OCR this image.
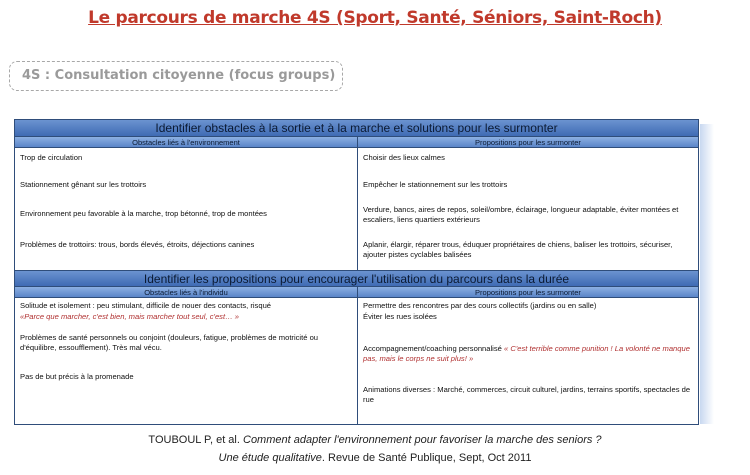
Le parcours de marche 4S (Sport, Santé, Séniors, Saint-Roch)
4S : Consultation citoyenne (focus groups)
Identifier obstacles à la sortie et à la marche et solutions pour les surmonter
Obstacles liés à l'environnement	Propositions pour les surmonter
Trop de circulation
Stationnement gênant sur les trottoirs
Environnement peu favorable à la marche, trop bétonné, trop de montées
Problèmes de trottoirs: trous, bords élevés, étroits, déjections canines
Choisir des lieux calmes
Empêcher le stationnement sur les trottoirs
Verdure, bancs, aires de repos, soleil/ombre, éclairage, longueur adaptable, éviter montées et escaliers, liens quartiers extérieurs
Aplanir, élargir, réparer trous, éduquer propriétaires de chiens, baliser les trottoirs, sécuriser, ajouter pistes cyclables balisées
Identifier les propositions pour encourager l'utilisation du parcours dans la durée
Obstacles liés à l'individu	Propositions pour les surmonter
Solitude et isolement : peu stimulant, difficile de nouer des contacts, risqué
«Parce que marcher, c'est bien, mais marcher tout seul, c'est… »
Problèmes de santé personnels ou conjoint (douleurs, fatigue, problèmes de motricité ou d'équilibre, essoufflement). Très mal vécu.
Pas de but précis à la promenade
Permettre des rencontres par des cours collectifs (jardins ou en salle)
Éviter les rues isolées
Accompagnement/coaching personnalisé « C'est terrible comme punition ! La volonté ne manque pas, mais le corps ne suit plus! »
Animations diverses : Marché, commerces, circuit culturel, jardins, terrains sportifs, spectacles de rue
TOUBOUL P, et al. Comment adapter l'environnement pour favoriser la marche des seniors ?
Une étude qualitative. Revue de Santé Publique, Sept, Oct 2011
